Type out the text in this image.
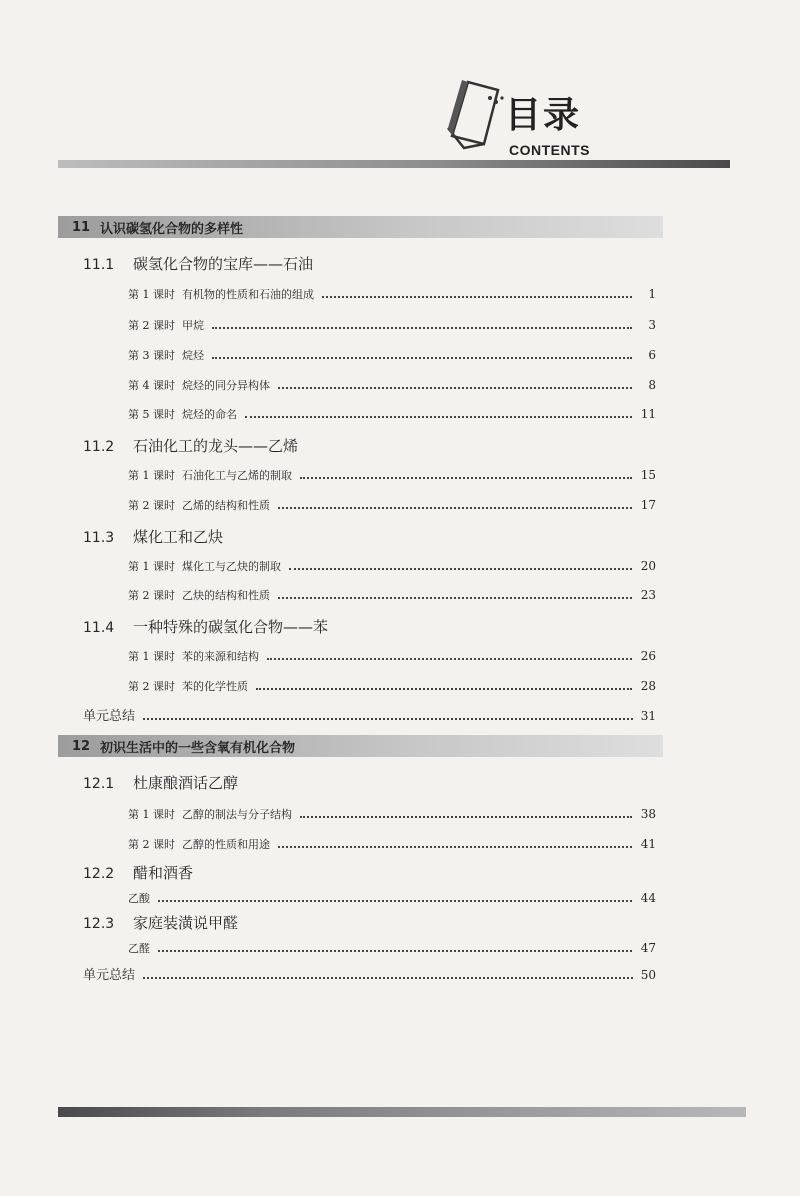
目录
CONTENTS
11 认识碳氢化合物的多样性
11.1	碳氢化合物的宝库——石油
第 1 课时 有机物的性质和石油的组成	1
第 2 课时 甲烷	3
第 3 课时 烷烃	6
第 4 课时 烷烃的同分异构体	8
第 5 课时 烷烃的命名	11
11.2	石油化工的龙头——乙烯
第 1 课时 石油化工与乙烯的制取	15
第 2 课时 乙烯的结构和性质	17
11.3	煤化工和乙炔
第 1 课时 煤化工与乙炔的制取	20
第 2 课时 乙炔的结构和性质	23
11.4	一种特殊的碳氢化合物——苯
第 1 课时 苯的来源和结构	26
第 2 课时 苯的化学性质	28
单元总结	31
12 初识生活中的一些含氧有机化合物
12.1	杜康酿酒话乙醇
第 1 课时 乙醇的制法与分子结构	38
第 2 课时 乙醇的性质和用途	41
12.2	醋和酒香
乙酸	44
12.3	家庭装潢说甲醛
乙醛	47
单元总结	50
